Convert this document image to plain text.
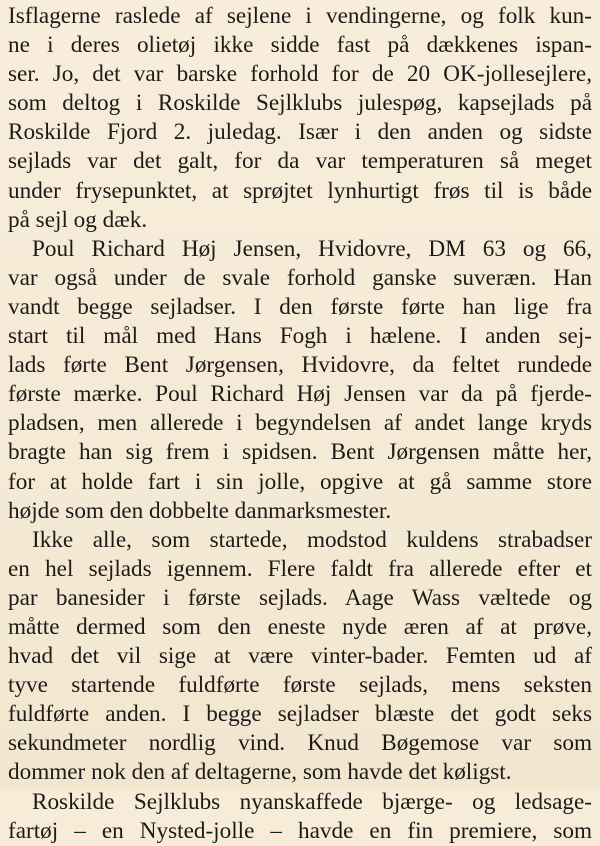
Isflagerne raslede af sejlene i vendingerne, og folk kun-
ne i deres olietøj ikke sidde fast på dækkenes ispan-
ser. Jo, det var barske forhold for de 20 OK-jollesejlere,
som deltog i Roskilde Sejlklubs julespøg, kapsejlads på
Roskilde Fjord 2. juledag. Især i den anden og sidste
sejlads var det galt, for da var temperaturen så meget
under frysepunktet, at sprøjtet lynhurtigt frøs til is både
på sejl og dæk.
Poul Richard Høj Jensen, Hvidovre, DM 63 og 66,
var også under de svale forhold ganske suveræn. Han
vandt begge sejladser. I den første førte han lige fra
start til mål med Hans Fogh i hælene. I anden sej-
lads førte Bent Jørgensen, Hvidovre, da feltet rundede
første mærke. Poul Richard Høj Jensen var da på fjerde-
pladsen, men allerede i begyndelsen af andet lange kryds
bragte han sig frem i spidsen. Bent Jørgensen måtte her,
for at holde fart i sin jolle, opgive at gå samme store
højde som den dobbelte danmarksmester.
Ikke alle, som startede, modstod kuldens strabadser
en hel sejlads igennem. Flere faldt fra allerede efter et
par banesider i første sejlads. Aage Wass væltede og
måtte dermed som den eneste nyde æren af at prøve,
hvad det vil sige at være vinter-bader. Femten ud af
tyve startende fuldførte første sejlads, mens seksten
fuldførte anden. I begge sejladser blæste det godt seks
sekundmeter nordlig vind. Knud Bøgemose var som
dommer nok den af deltagerne, som havde det køligst.
Roskilde Sejlklubs nyanskaffede bjærge- og ledsage-
fartøj – en Nysted-jolle – havde en fin premiere, som
